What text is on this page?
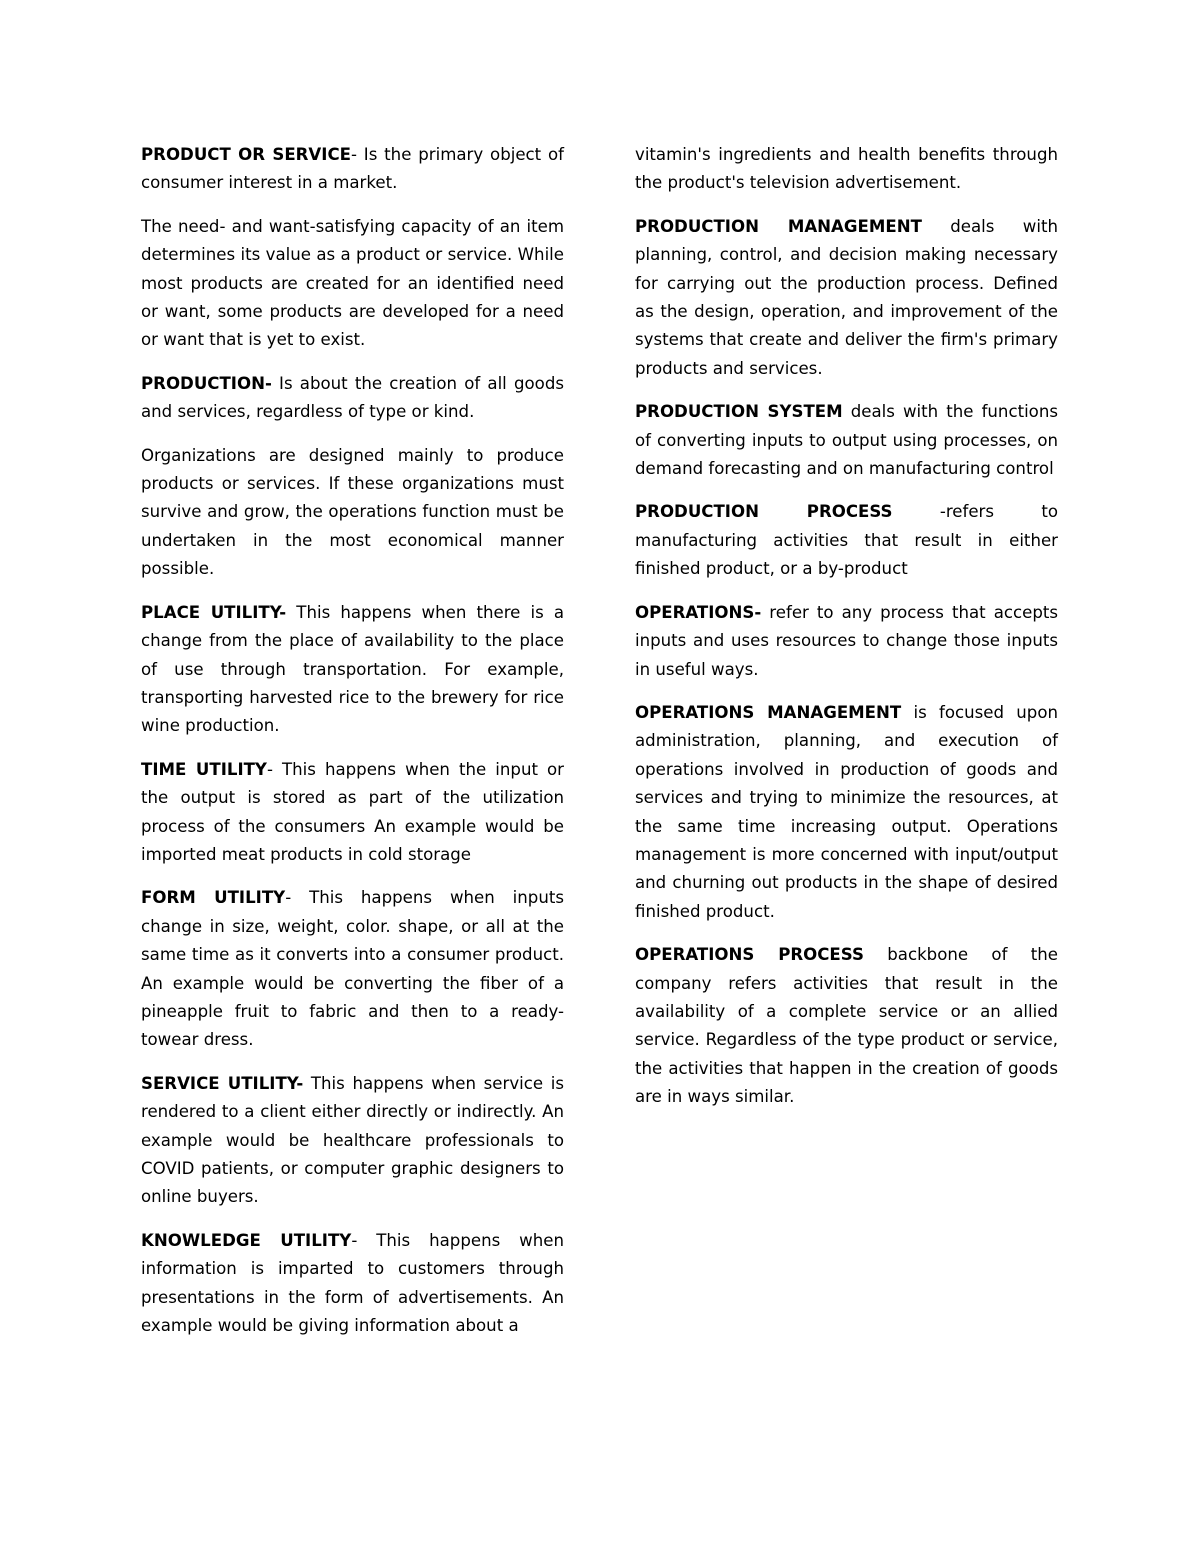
PRODUCT OR SERVICE- Is the primary object of consumer interest in a market.

The need- and want-satisfying capacity of an item determines its value as a product or service. While most products are created for an identified need or want, some products are developed for a need or want that is yet to exist.

PRODUCTION- Is about the creation of all goods and services, regardless of type or kind.

Organizations are designed mainly to produce products or services. If these organizations must survive and grow, the operations function must be undertaken in the most economical manner possible.

PLACE UTILITY- This happens when there is a change from the place of availability to the place of use through transportation. For example, transporting harvested rice to the brewery for rice wine production.

TIME UTILITY- This happens when the input or the output is stored as part of the utilization process of the consumers An example would be imported meat products in cold storage

FORM UTILITY- This happens when inputs change in size, weight, color. shape, or all at the same time as it converts into a consumer product. An example would be converting the fiber of a pineapple fruit to fabric and then to a ready- towear dress.

SERVICE UTILITY- This happens when service is rendered to a client either directly or indirectly. An example would be healthcare professionals to COVID patients, or computer graphic designers to online buyers.

KNOWLEDGE UTILITY- This happens when information is imparted to customers through presentations in the form of advertisements. An example would be giving information about a

vitamin's ingredients and health benefits through the product's television advertisement.

PRODUCTION MANAGEMENT deals with planning, control, and decision making necessary for carrying out the production process. Defined as the design, operation, and improvement of the systems that create and deliver the firm's primary products and services.

PRODUCTION SYSTEM deals with the functions of converting inputs to output using processes, on demand forecasting and on manufacturing control

PRODUCTION PROCESS -refers to manufacturing activities that result in either finished product, or a by-product

OPERATIONS- refer to any process that accepts inputs and uses resources to change those inputs in useful ways.

OPERATIONS MANAGEMENT is focused upon administration, planning, and execution of operations involved in production of goods and services and trying to minimize the resources, at the same time increasing output. Operations management is more concerned with input/output and churning out products in the shape of desired finished product.

OPERATIONS PROCESS backbone of the company refers activities that result in the availability of a complete service or an allied service. Regardless of the type product or service, the activities that happen in the creation of goods are in ways similar.
